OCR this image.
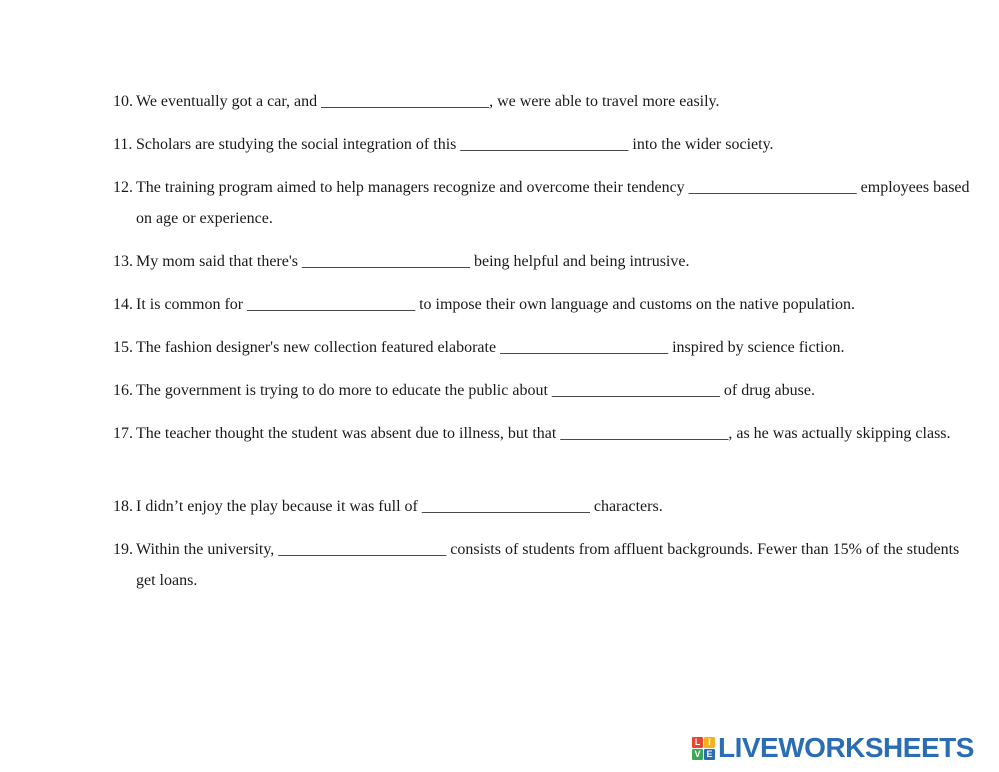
10. We eventually got a car, and _____________________, we were able to travel more easily.
11. Scholars are studying the social integration of this _____________________ into the wider society.
12. The training program aimed to help managers recognize and overcome their tendency _____________________ employees based on age or experience.
13. My mom said that there's _____________________ being helpful and being intrusive.
14. It is common for _____________________ to impose their own language and customs on the native population.
15. The fashion designer's new collection featured elaborate _____________________ inspired by science fiction.
16. The government is trying to do more to educate the public about _____________________ of drug abuse.
17. The teacher thought the student was absent due to illness, but that _____________________, as he was actually skipping class.
18. I didn’t enjoy the play because it was full of _____________________ characters.
19. Within the university, _____________________ consists of students from affluent backgrounds. Fewer than 15% of the students get loans.
L I
V E LIVEWORKSHEETS
